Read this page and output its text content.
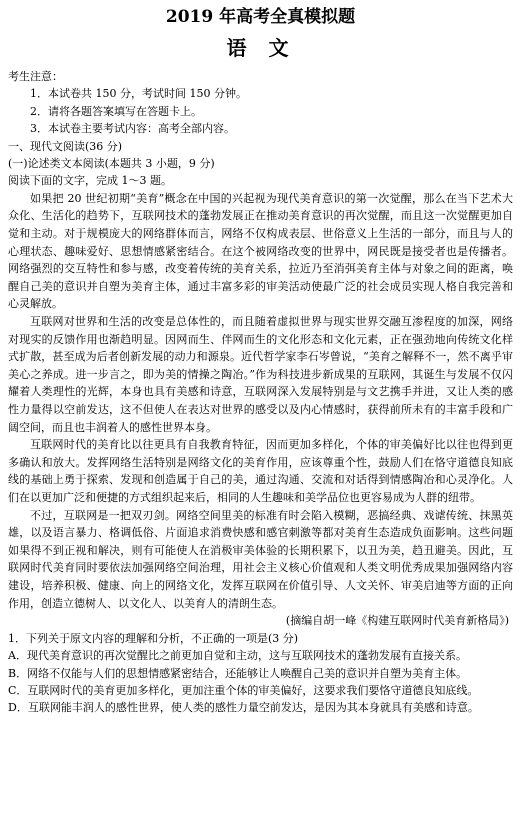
2019 年高考全真模拟题
语文
考生注意：
1．本试卷共 150 分，考试时间 150 分钟。
2．请将各题答案填写在答题卡上。
3．本试卷主要考试内容：高考全部内容。
一、现代文阅读(36 分)
(一)论述类文本阅读(本题共 3 小题，9 分)
阅读下面的文字，完成 1～3 题。

如果把 20 世纪初期“美育”概念在中国的兴起视为现代美育意识的第一次觉醒，那么在当下艺术大众化、生活化的趋势下，互联网技术的蓬勃发展正在推动美育意识的再次觉醒，而且这一次觉醒更加自觉和主动。对于规模庞大的网络群体而言，网络不仅构成表层、世俗意义上生活的一部分，而且与人的心理状态、趣味爱好、思想情感紧密结合。在这个被网络改变的世界中，网民既是接受者也是传播者。网络强烈的交互特性和参与感，改变着传统的美育关系，拉近乃至消弭美育主体与对象之间的距离，唤醒自己美的意识并自塑为美育主体，通过丰富多彩的审美活动使最广泛的社会成员实现人格自我完善和心灵解放。

互联网对世界和生活的改变是总体性的，而且随着虚拟世界与现实世界交融互渗程度的加深，网络对现实的反馈作用也渐趋明显。因网而生、伴网而生的文化形态和文化元素，正在强劲地向传统文化样式扩散，甚至成为后者创新发展的动力和源泉。近代哲学家李石岑曾说，“美育之解释不一，然不离乎审美心之养成。进一步言之，即为美的情操之陶冶。”作为科技进步新成果的互联网，其诞生与发展不仅闪耀着人类理性的光辉，本身也具有美感和诗意，互联网深入发展特别是与文艺携手并进，又让人类的感性力量得以空前发达，这不但使人在表达对世界的感受以及内心情感时，获得前所未有的丰富手段和广阔空间，而且也丰润着人的感性世界本身。

互联网时代的美育比以往更具有自我教育特征，因而更加多样化，个体的审美偏好比以往也得到更多确认和放大。发挥网络生活特别是网络文化的美育作用，应该尊重个性，鼓励人们在恪守道德良知底线的基础上勇于探索、发现和创造属于自己的美，通过沟通、交流和对话得到情感陶冶和心灵净化。人们在以更加广泛和便捷的方式组织起来后，相同的人生趣味和美学品位也更容易成为人群的纽带。

不过，互联网是一把双刃剑。网络空间里美的标准有时会陷入模糊，恶搞经典、戏谑传统、抹黑英雄，以及语言暴力、格调低俗、片面追求消费快感和感官刺激等都对美育生态造成负面影响。这些问题如果得不到正视和解决，则有可能使人在消极审美体验的长期积累下，以丑为美，趋丑避美。因此，互联网时代美育同时要依法加强网络空间治理，用社会主义核心价值观和人类文明优秀成果加强网络内容建设，培养积极、健康、向上的网络文化，发挥互联网在价值引导、人文关怀、审美启迪等方面的正向作用，创造立德树人、以文化人、以美育人的清朗生态。

(摘编自胡一峰《构建互联网时代美育新格局》)
1．下列关于原文内容的理解和分析，不正确的一项是(3 分)
A．现代美育意识的再次觉醒比之前更加自觉和主动，这与互联网技术的蓬勃发展有直接关系。
B．网络不仅能与人们的思想情感紧密结合，还能够让人唤醒自己美的意识并自塑为美育主体。
C．互联网时代的美育更加多样化，更加注重个体的审美偏好，这要求我们要恪守道德良知底线。
D．互联网能丰润人的感性世界，使人类的感性力量空前发达，是因为其本身就具有美感和诗意。
